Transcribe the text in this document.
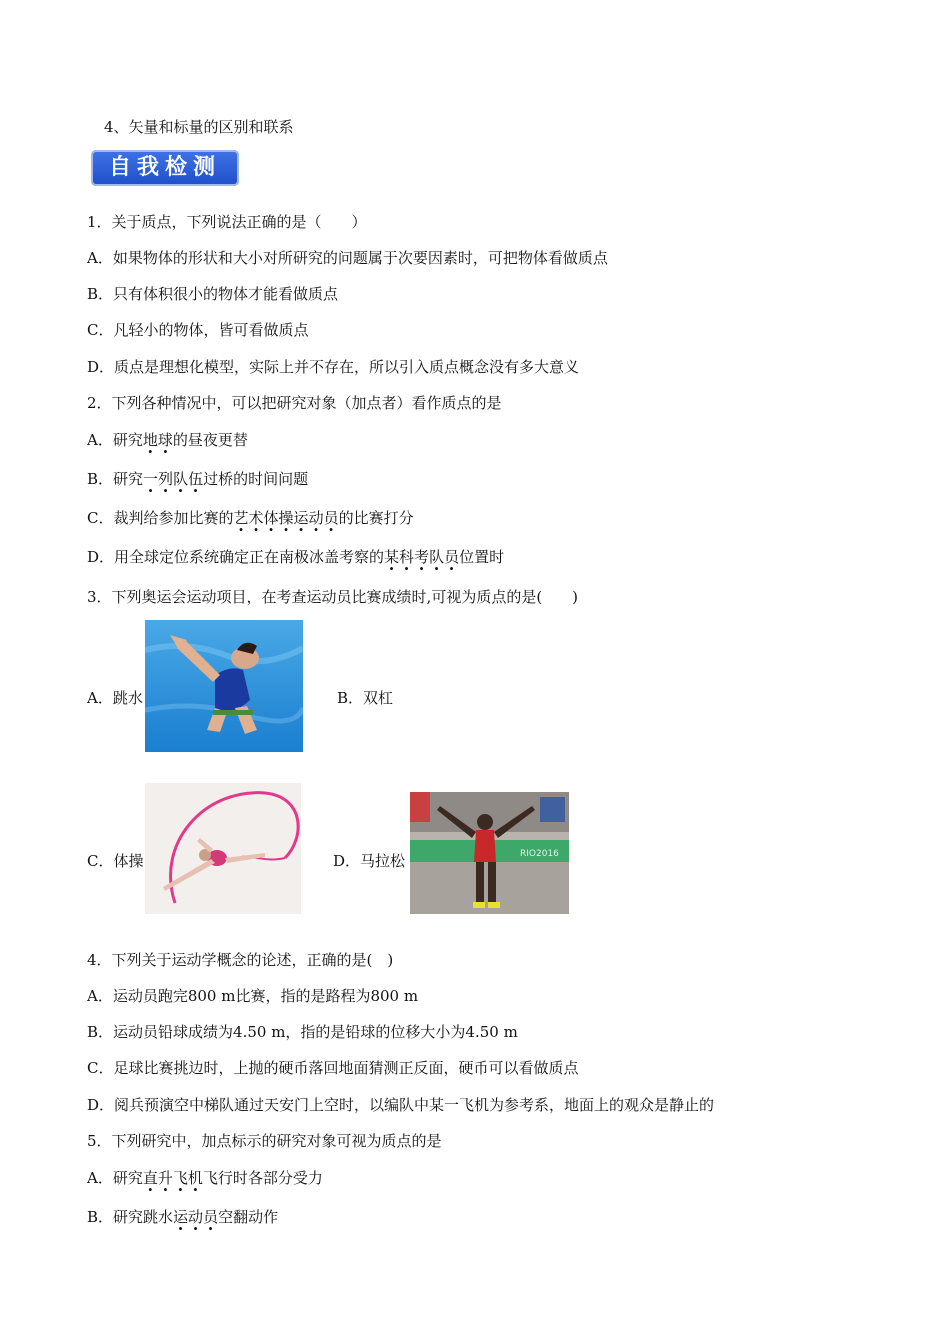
4、矢量和标量的区别和联系
自我检测
1．关于质点，下列说法正确的是（　　）
A．如果物体的形状和大小对所研究的问题属于次要因素时，可把物体看做质点
B．只有体积很小的物体才能看做质点
C．凡轻小的物体，皆可看做质点
D．质点是理想化模型，实际上并不存在，所以引入质点概念没有多大意义
2．下列各种情况中，可以把研究对象（加点者）看作质点的是
A．研究地球的昼夜更替
B．研究一列队伍过桥的时间问题
C．裁判给参加比赛的艺术体操运动员的比赛打分
D．用全球定位系统确定正在南极冰盖考察的某科考队员位置时
3．下列奥运会运动项目，在考查运动员比赛成绩时,可视为质点的是(　　)
A．跳水	B．双杠
C．体操	D．马拉松	RIO2016
4．下列关于运动学概念的论述，正确的是(　)
A．运动员跑完800 m比赛，指的是路程为800 m
B．运动员铅球成绩为4.50 m，指的是铅球的位移大小为4.50 m
C．足球比赛挑边时，上抛的硬币落回地面猜测正反面，硬币可以看做质点
D．阅兵预演空中梯队通过天安门上空时，以编队中某一飞机为参考系，地面上的观众是静止的
5．下列研究中，加点标示的研究对象可视为质点的是
A．研究直升飞机飞行时各部分受力
B．研究跳水运动员空翻动作
